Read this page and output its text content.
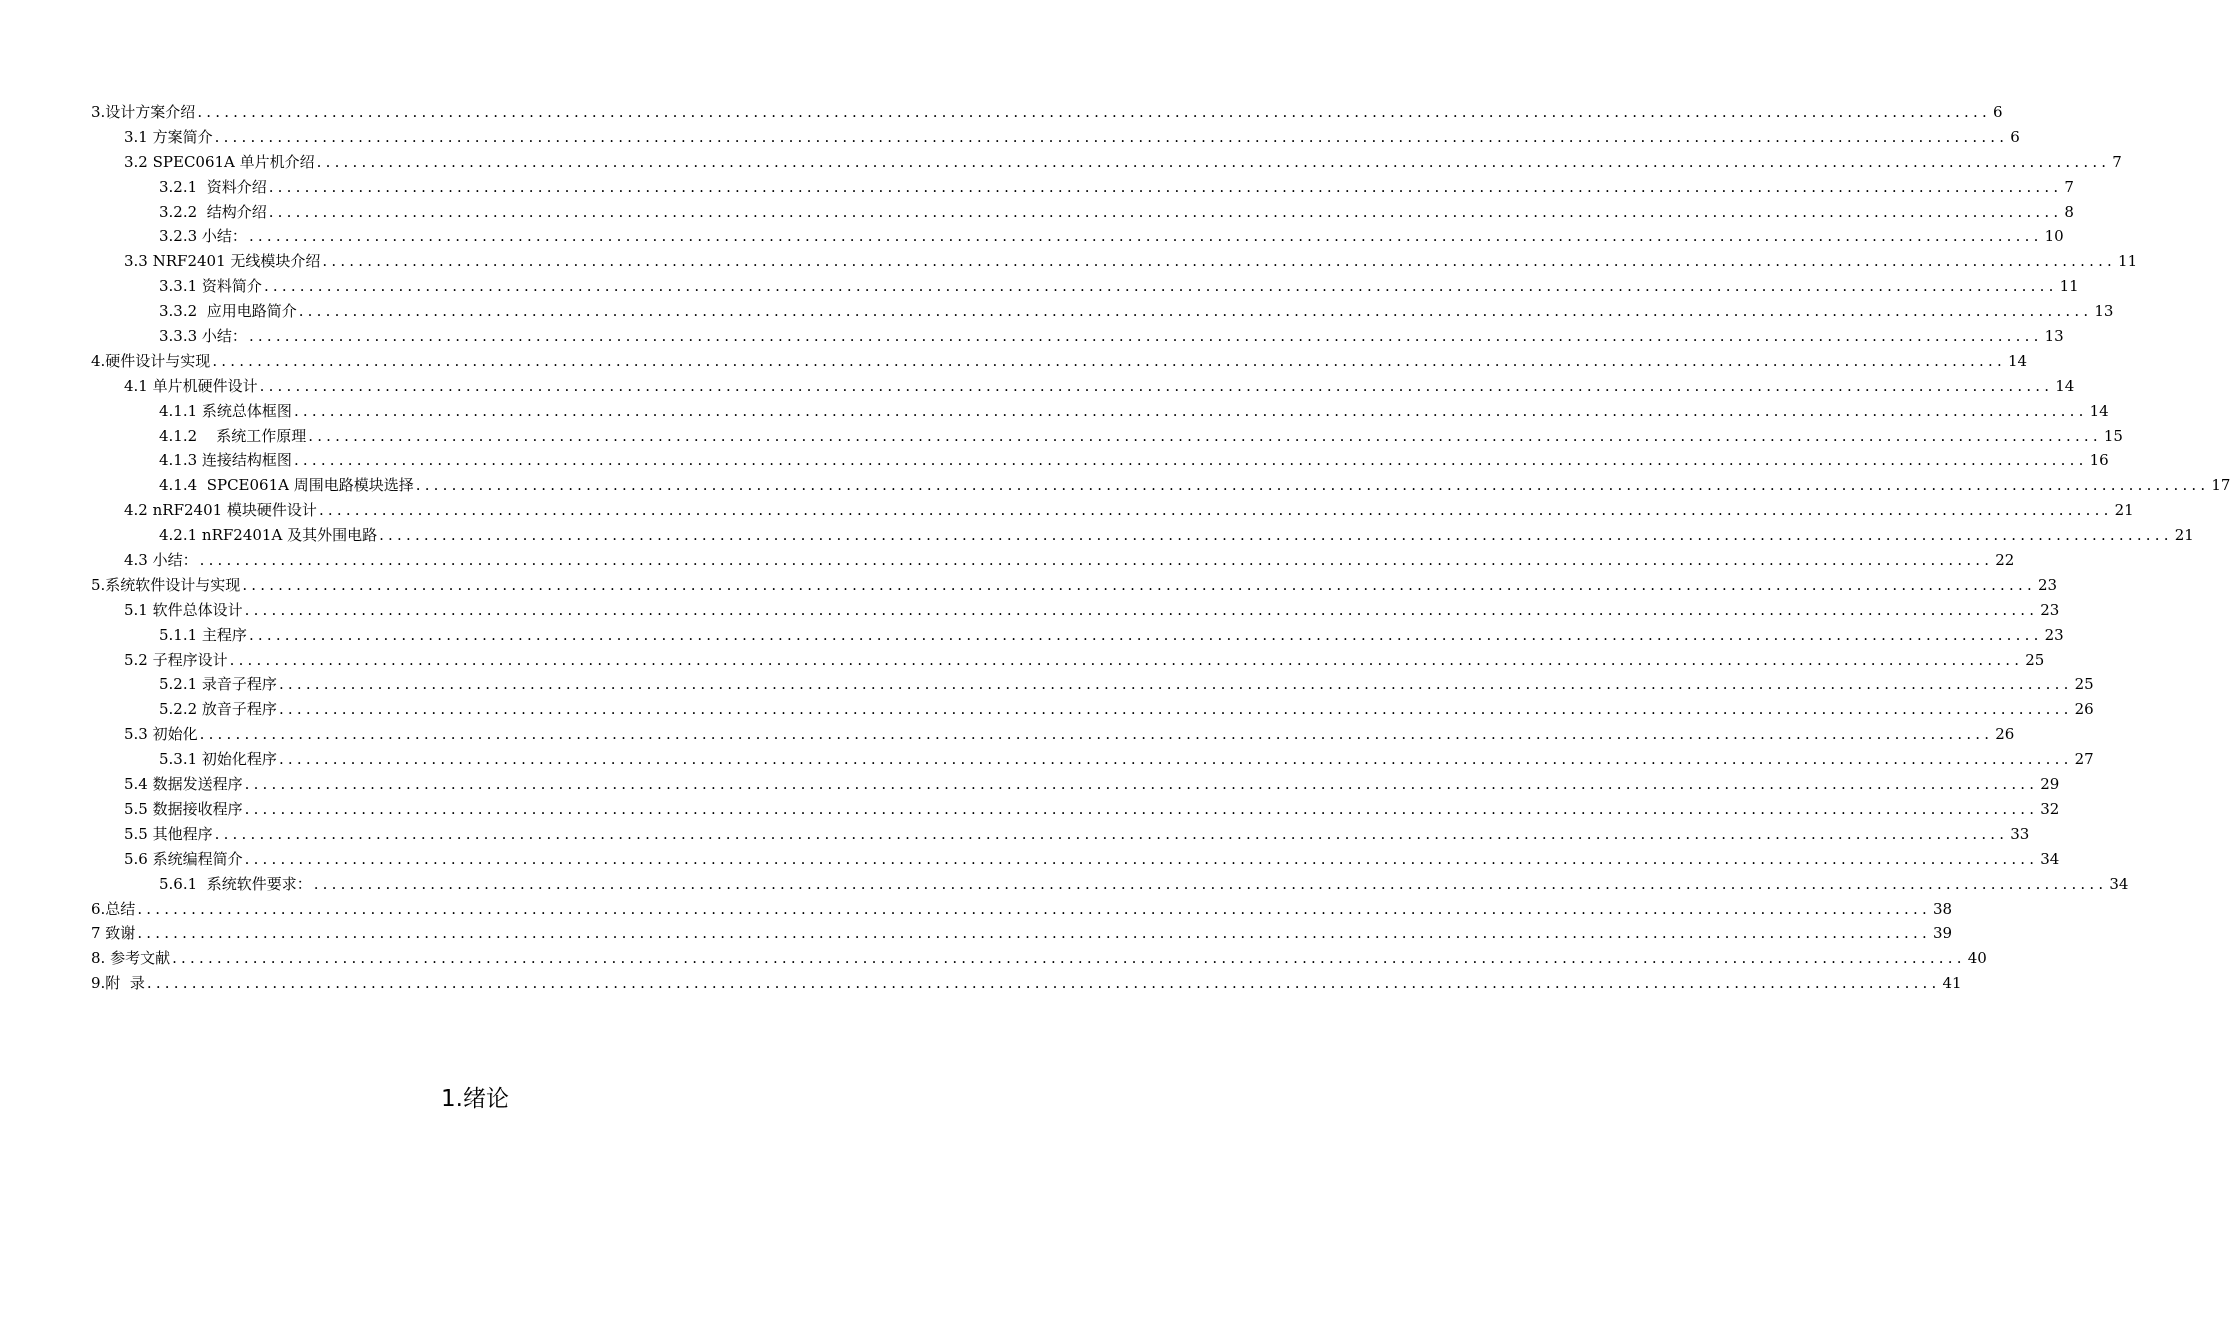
3.设计方案介绍 ........................................................................................................................................................................................................ 6
3.1 方案简介 ........................................................................................................................................................................................................ 6
3.2 SPEC061A 单片机介绍 ........................................................................................................................................................................................................ 7
3.2.1  资料介绍 ........................................................................................................................................................................................................ 7
3.2.2  结构介绍 ........................................................................................................................................................................................................ 8
3.2.3 小结： ........................................................................................................................................................................................................ 10
3.3 NRF2401 无线模块介绍 ........................................................................................................................................................................................................ 11
3.3.1 资料简介 ........................................................................................................................................................................................................ 11
3.3.2  应用电路简介 ........................................................................................................................................................................................................ 13
3.3.3 小结： ........................................................................................................................................................................................................ 13
4.硬件设计与实现 ........................................................................................................................................................................................................ 14
4.1 单片机硬件设计 ........................................................................................................................................................................................................ 14
4.1.1 系统总体框图 ........................................................................................................................................................................................................ 14
4.1.2    系统工作原理 ........................................................................................................................................................................................................ 15
4.1.3 连接结构框图 ........................................................................................................................................................................................................ 16
4.1.4  SPCE061A 周围电路模块选择 ........................................................................................................................................................................................................ 17
4.2 nRF2401 模块硬件设计 ........................................................................................................................................................................................................ 21
4.2.1 nRF2401A 及其外围电路 ........................................................................................................................................................................................................ 21
4.3 小结： ........................................................................................................................................................................................................ 22
5.系统软件设计与实现 ........................................................................................................................................................................................................ 23
5.1 软件总体设计 ........................................................................................................................................................................................................ 23
5.1.1 主程序 ........................................................................................................................................................................................................ 23
5.2 子程序设计 ........................................................................................................................................................................................................ 25
5.2.1 录音子程序 ........................................................................................................................................................................................................ 25
5.2.2 放音子程序 ........................................................................................................................................................................................................ 26
5.3 初始化 ........................................................................................................................................................................................................ 26
5.3.1 初始化程序 ........................................................................................................................................................................................................ 27
5.4 数据发送程序 ........................................................................................................................................................................................................ 29
5.5 数据接收程序 ........................................................................................................................................................................................................ 32
5.5 其他程序 ........................................................................................................................................................................................................ 33
5.6 系统编程简介 ........................................................................................................................................................................................................ 34
5.6.1  系统软件要求： ........................................................................................................................................................................................................ 34
6.总结 ........................................................................................................................................................................................................ 38
7 致谢 ........................................................................................................................................................................................................ 39
8. 参考文献 ........................................................................................................................................................................................................ 40
9.附  录 ........................................................................................................................................................................................................ 41
1.绪论
